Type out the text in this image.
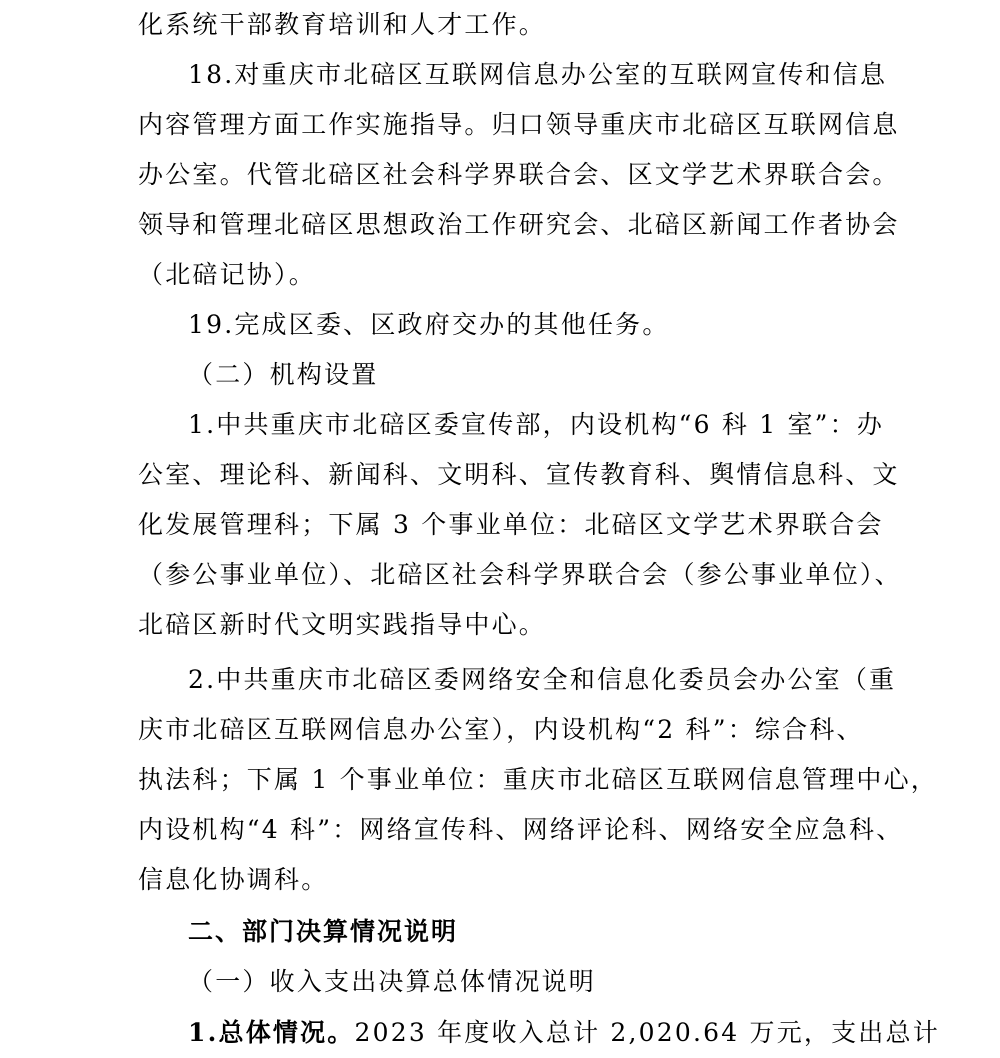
化系统干部教育培训和人才工作。
18.对重庆市北碚区互联网信息办公室的互联网宣传和信息
内容管理方面工作实施指导。归口领导重庆市北碚区互联网信息
办公室。代管北碚区社会科学界联合会、区文学艺术界联合会。
领导和管理北碚区思想政治工作研究会、北碚区新闻工作者协会
（北碚记协）。
19.完成区委、区政府交办的其他任务。
（二）机构设置
1.中共重庆市北碚区委宣传部，内设机构“6 科 1 室”：办
公室、理论科、新闻科、文明科、宣传教育科、舆情信息科、文
化发展管理科；下属 3 个事业单位：北碚区文学艺术界联合会
（参公事业单位）、北碚区社会科学界联合会（参公事业单位）、
北碚区新时代文明实践指导中心。
2.中共重庆市北碚区委网络安全和信息化委员会办公室（重
庆市北碚区互联网信息办公室），内设机构“2 科”：综合科、
执法科；下属 1 个事业单位：重庆市北碚区互联网信息管理中心，
内设机构“4 科”：网络宣传科、网络评论科、网络安全应急科、
信息化协调科。
二、部门决算情况说明
（一）收入支出决算总体情况说明
1.总体情况。2023 年度收入总计 2,020.64 万元，支出总计
